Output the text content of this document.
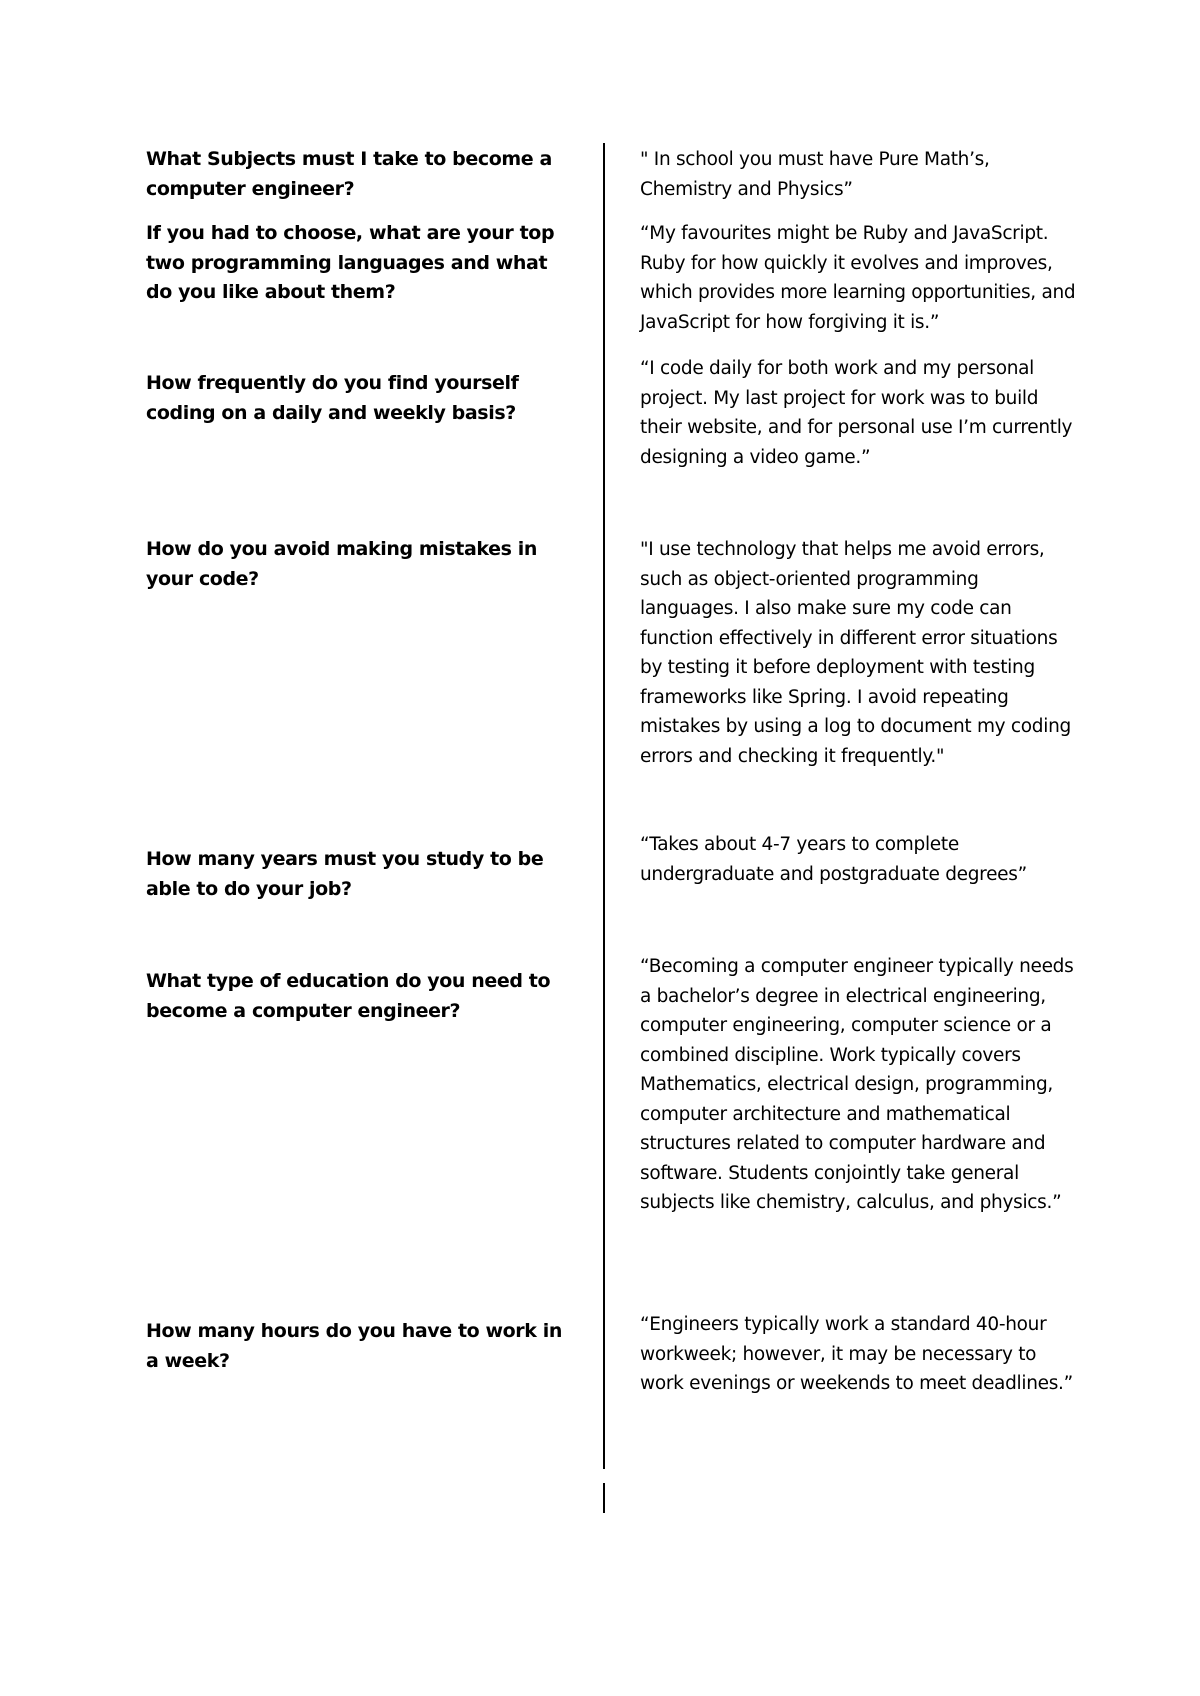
What Subjects must I take to become a computer engineer?

" In school you must have Pure Math’s, Chemistry and Physics”

If you had to choose, what are your top two programming languages and what do you like about them?

“My favourites might be Ruby and JavaScript. Ruby for how quickly it evolves and improves, which provides more learning opportunities, and JavaScript for how forgiving it is.”

How frequently do you find yourself coding on a daily and weekly basis?

“I code daily for both work and my personal project. My last project for work was to build their website, and for personal use I’m currently designing a video game.”

How do you avoid making mistakes in your code?

"I use technology that helps me avoid errors, such as object-oriented programming languages. I also make sure my code can function effectively in different error situations by testing it before deployment with testing frameworks like Spring. I avoid repeating mistakes by using a log to document my coding errors and checking it frequently."

How many years must you study to be able to do your job?

“Takes about 4-7 years to complete undergraduate and postgraduate degrees”

What type of education do you need to become a computer engineer?

“Becoming a computer engineer typically needs a bachelor’s degree in electrical engineering, computer engineering, computer science or a combined discipline. Work typically covers Mathematics, electrical design, programming, computer architecture and mathematical structures related to computer hardware and software. Students conjointly take general subjects like chemistry, calculus, and physics.”

How many hours do you have to work in a week?

“Engineers typically work a standard 40-hour workweek; however, it may be necessary to work evenings or weekends to meet deadlines.”
